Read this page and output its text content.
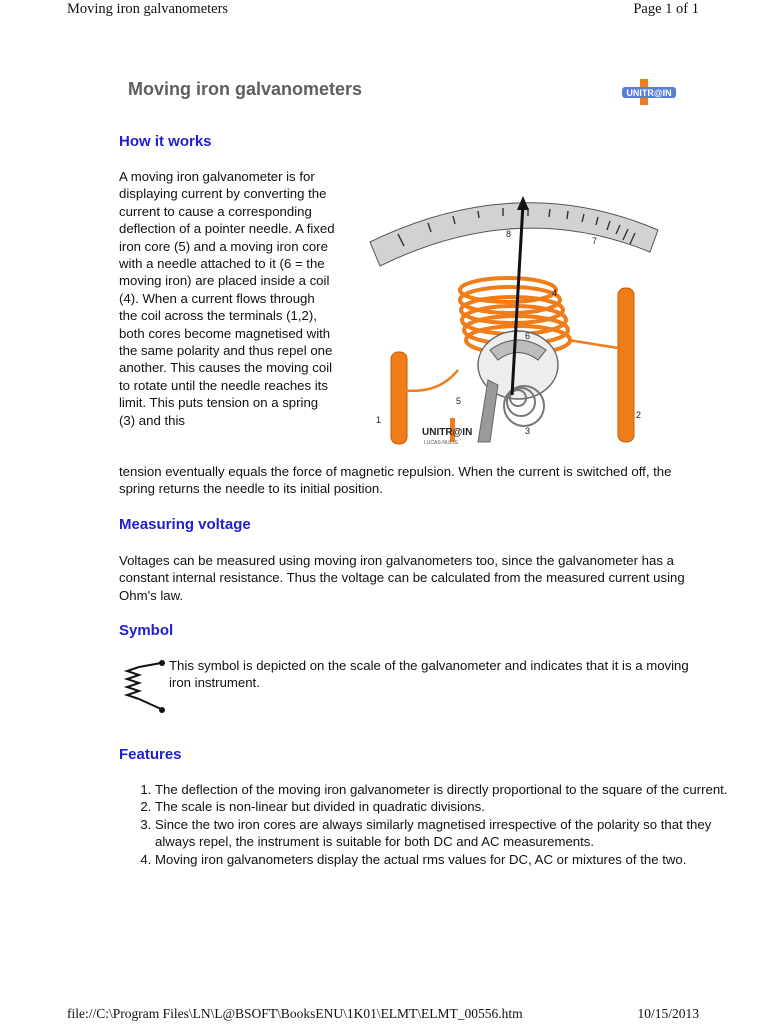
Moving iron galvanometers	Page 1 of 1
Moving iron galvanometers	UNITR@IN
How it works
A moving iron galvanometer is for displaying current by converting the current to cause a corresponding deflection of a pointer needle. A fixed iron core (5) and a moving iron core with a needle attached to it (6 = the moving iron) are placed inside a coil (4). When a current flows through the coil across the terminals (1,2), both cores become magnetised with the same polarity and thus repel one another. This causes the moving coil to rotate until the needle reaches its limit. This puts tension on a spring (3) and this
tension eventually equals the force of magnetic repulsion. When the current is switched off, the spring returns the needle to its initial position.
8
7
4
6
5
1	2
3
UNITR@IN
LUCAS-NULLE
Measuring voltage
Voltages can be measured using moving iron galvanometers too, since the galvanometer has a constant internal resistance. Thus the voltage can be calculated from the measured current using Ohm's law.
Symbol
This symbol is depicted on the scale of the galvanometer and indicates that it is a moving iron instrument.
Features
1. The deflection of the moving iron galvanometer is directly proportional to the square of the current.
2. The scale is non-linear but divided in quadratic divisions.
3. Since the two iron cores are always similarly magnetised irrespective of the polarity so that they always repel, the instrument is suitable for both DC and AC measurements.
4. Moving iron galvanometers display the actual rms values for DC, AC or mixtures of the two.
file://C:\Program Files\LN\L@BSOFT\BooksENU\1K01\ELMT\ELMT_00556.htm	10/15/2013
